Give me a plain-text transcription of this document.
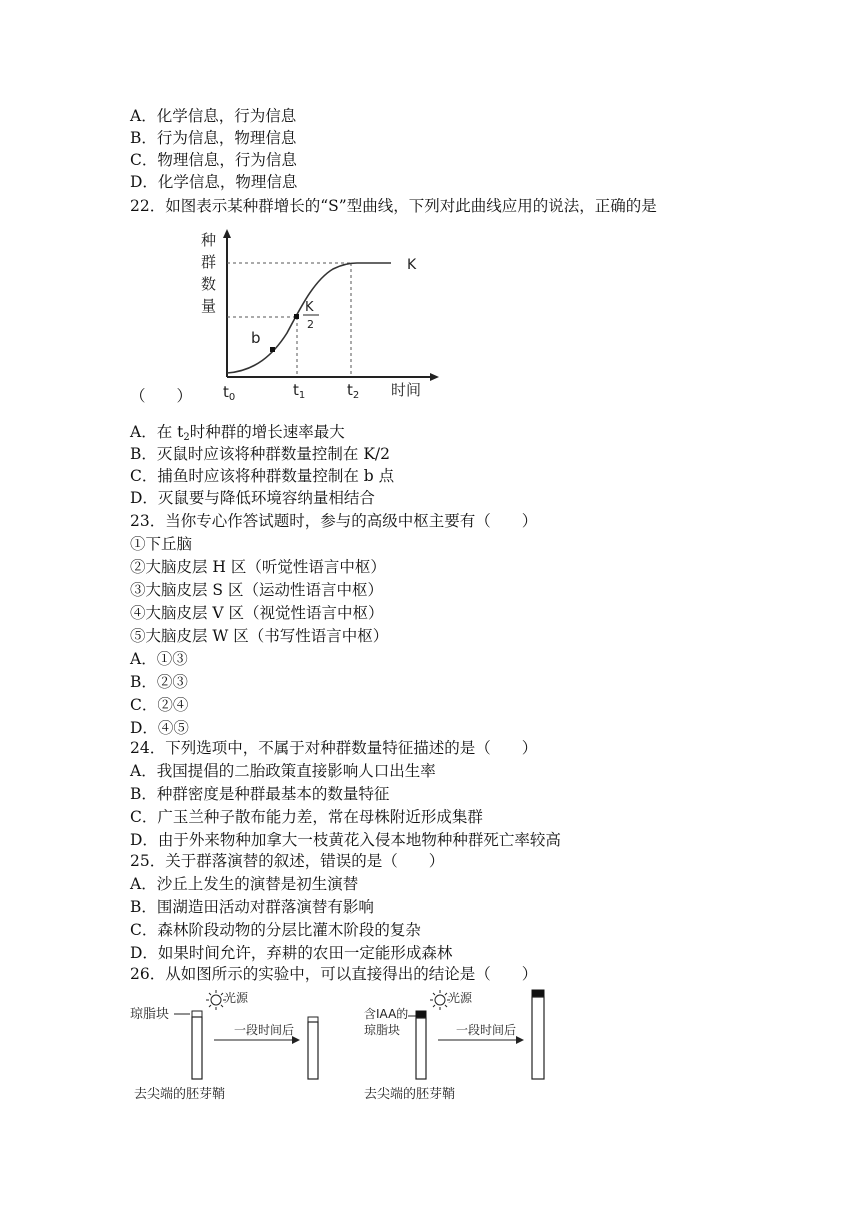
A．化学信息，行为信息
B．行为信息，物理信息
C．物理信息，行为信息
D．化学信息，物理信息
22．如图表示某种群增长的“S”型曲线，下列对此曲线应用的说法，正确的是
种
群
数
量
b
K
2
K
$t_0$	$t_1$	$t_2$ 时间
（　　）
A．在 $t_2$时种群的增长速率最大
B．灭鼠时应该将种群数量控制在 K/2
C．捕鱼时应该将种群数量控制在 b 点
D．灭鼠要与降低环境容纳量相结合
23．当你专心作答试题时，参与的高级中枢主要有（　　）
①下丘脑
②大脑皮层 H 区（听觉性语言中枢）
③大脑皮层 S 区（运动性语言中枢）
④大脑皮层 V 区（视觉性语言中枢）
⑤大脑皮层 W 区（书写性语言中枢）
A．①③
B．②③
C．②④
D．④⑤
24．下列选项中，不属于对种群数量特征描述的是（　　）
A．我国提倡的二胎政策直接影响人口出生率
B．种群密度是种群最基本的数量特征
C．广玉兰种子散布能力差，常在母株附近形成集群
D．由于外来物种加拿大一枝黄花入侵本地物种种群死亡率较高
25．关于群落演替的叙述，错误的是（　　）
A．沙丘上发生的演替是初生演替
B．围湖造田活动对群落演替有影响
C．森林阶段动物的分层比灌木阶段的复杂
D．如果时间允许，弃耕的农田一定能形成森林
26．从如图所示的实验中，可以直接得出的结论是（　　）
琼脂块
光源
一段时间后
去尖端的胚芽鞘
含IAA的
琼脂块
光源
一段时间后
去尖端的胚芽鞘
